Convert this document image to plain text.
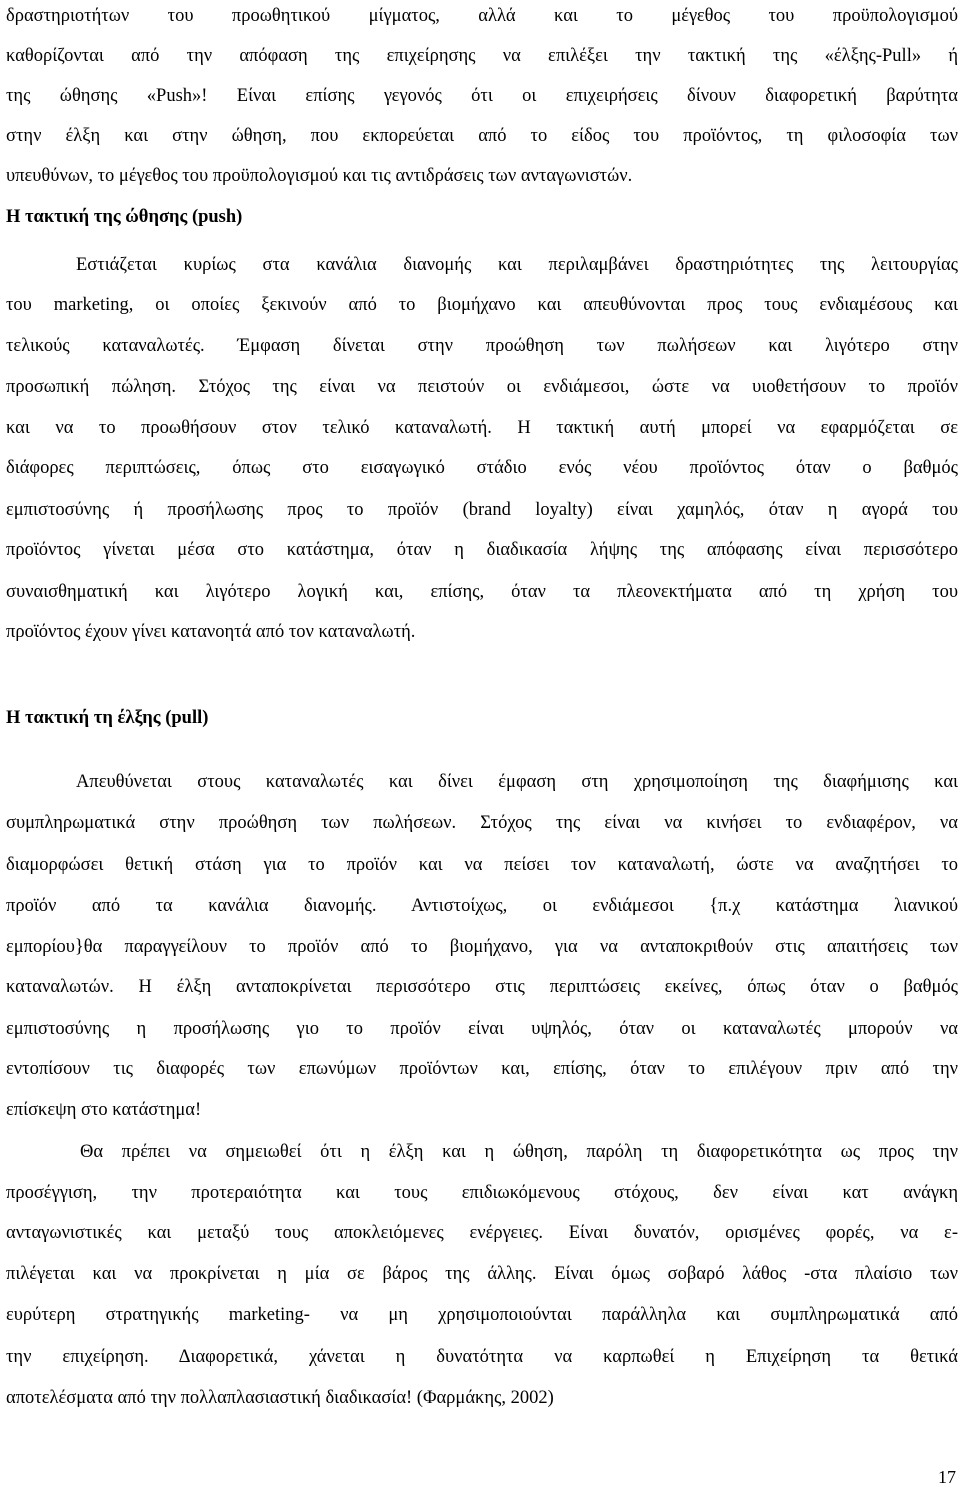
δραστηριοτήτων του προωθητικού μίγματος, αλλά και το μέγεθος του προϋπολογισμού
καθορίζονται από την απόφαση της επιχείρησης να επιλέξει την τακτική της «έλξης-Pull» ή
της ώθησης «Push»! Είναι επίσης γεγονός ότι οι επιχειρήσεις δίνουν διαφορετική βαρύτητα
στην έλξη και στην ώθηση, που εκπορεύεται από το είδος του προϊόντος, τη φιλοσοφία των
υπευθύνων, το μέγεθος του προϋπολογισμού και τις αντιδράσεις των ανταγωνιστών.
Η τακτική της ώθησης (push)
Εστιάζεται κυρίως στα κανάλια διανομής και περιλαμβάνει δραστηριότητες της λειτουργίας
του marketing, οι οποίες ξεκινούν από το βιομήχανο και απευθύνονται προς τους ενδιαμέσους και
τελικούς καταναλωτές. Έμφαση δίνεται στην προώθηση των πωλήσεων και λιγότερο στην
προσωπική πώληση. Στόχος της είναι να πειστούν οι ενδιάμεσοι, ώστε να υιοθετήσουν το προϊόν
και να το προωθήσουν στον τελικό καταναλωτή. Η τακτική αυτή μπορεί να εφαρμόζεται σε
διάφορες περιπτώσεις, όπως στο εισαγωγικό στάδιο ενός νέου προϊόντος όταν ο βαθμός
εμπιστοσύνης ή προσήλωσης προς το προϊόν (brand loyalty) είναι χαμηλός, όταν η αγορά του
προϊόντος γίνεται μέσα στο κατάστημα, όταν η διαδικασία λήψης της απόφασης είναι περισσότερο
συναισθηματική και λιγότερο λογική και, επίσης, όταν τα πλεονεκτήματα από τη χρήση του
προϊόντος έχουν γίνει κατανοητά από τον καταναλωτή.
Η τακτική τη έλξης (pull)
Απευθύνεται στους καταναλωτές και δίνει έμφαση στη χρησιμοποίηση της διαφήμισης και
συμπληρωματικά στην προώθηση των πωλήσεων. Στόχος της είναι να κινήσει το ενδιαφέρον, να
διαμορφώσει θετική στάση για το προϊόν και να πείσει τον καταναλωτή, ώστε να αναζητήσει το
προϊόν από τα κανάλια διανομής. Αντιστοίχως, οι ενδιάμεσοι {π.χ κατάστημα λιανικού
εμπορίου}θα παραγγείλουν το προϊόν από το βιομήχανο, για να ανταποκριθούν στις απαιτήσεις των
καταναλωτών. Η έλξη ανταποκρίνεται περισσότερο στις περιπτώσεις εκείνες, όπως όταν ο βαθμός
εμπιστοσύνης η προσήλωσης γιο το προϊόν είναι υψηλός, όταν οι καταναλωτές μπορούν να
εντοπίσουν τις διαφορές των επωνύμων προϊόντων και, επίσης, όταν το επιλέγουν πριν από την
επίσκεψη στο κατάστημα!
Θα πρέπει να σημειωθεί ότι η έλξη και η ώθηση, παρόλη τη διαφορετικότητα ως προς την
προσέγγιση, την προτεραιότητα και τους επιδιωκόμενους στόχους, δεν είναι κατ ανάγκη
ανταγωνιστικές και μεταξύ τους αποκλειόμενες ενέργειες. Είναι δυνατόν, ορισμένες φορές, να ε-
πιλέγεται και να προκρίνεται η μία σε βάρος της άλλης. Είναι όμως σοβαρό λάθος -στα πλαίσιο των
ευρύτερη στρατηγικής marketing- να μη χρησιμοποιούνται παράλληλα και συμπληρωματικά από
την επιχείρηση. Διαφορετικά, χάνεται η δυνατότητα να καρπωθεί η Επιχείρηση τα θετικά
αποτελέσματα από την πολλαπλασιαστική διαδικασία! (Φαρμάκης, 2002)
17
